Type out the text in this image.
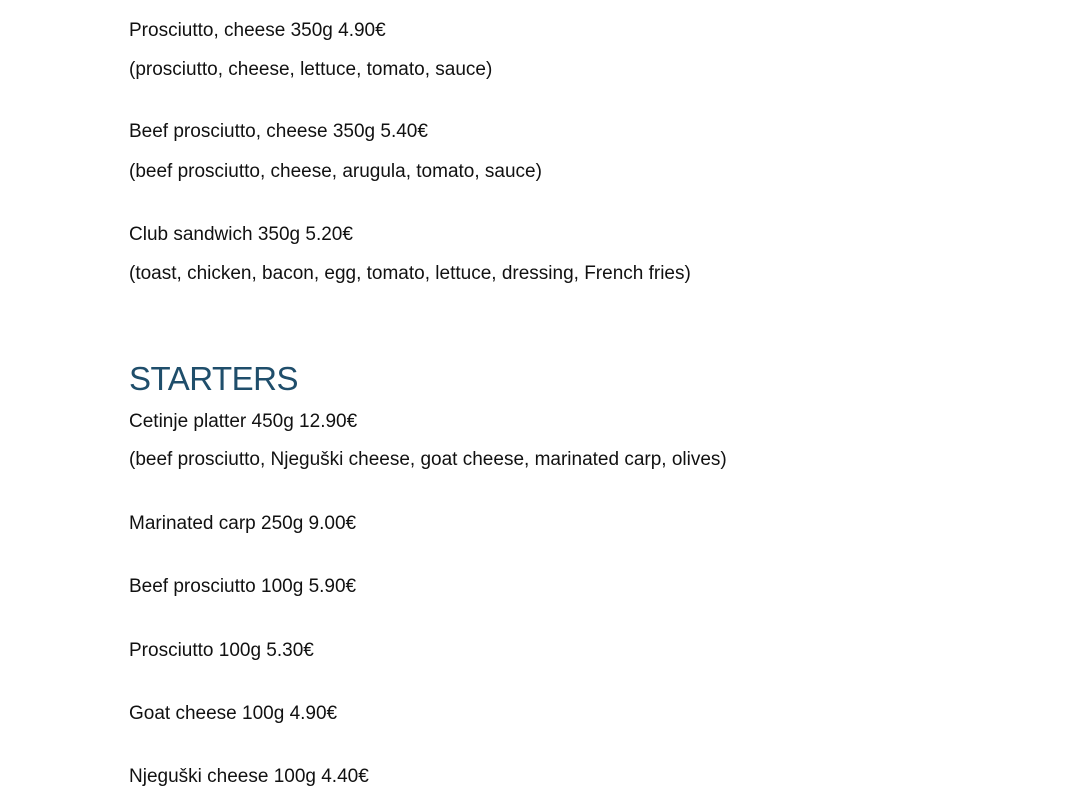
Prosciutto, cheese 350g 4.90€
(prosciutto, cheese, lettuce, tomato, sauce)
Beef prosciutto, cheese 350g 5.40€
(beef prosciutto, cheese, arugula, tomato, sauce)
Club sandwich 350g 5.20€
(toast, chicken, bacon, egg, tomato, lettuce, dressing, French fries)
STARTERS
Cetinje platter 450g 12.90€
(beef prosciutto, Njeguški cheese, goat cheese, marinated carp, olives)
Marinated carp 250g 9.00€
Beef prosciutto 100g 5.90€
Prosciutto 100g 5.30€
Goat cheese 100g 4.90€
Njeguški cheese 100g 4.40€
